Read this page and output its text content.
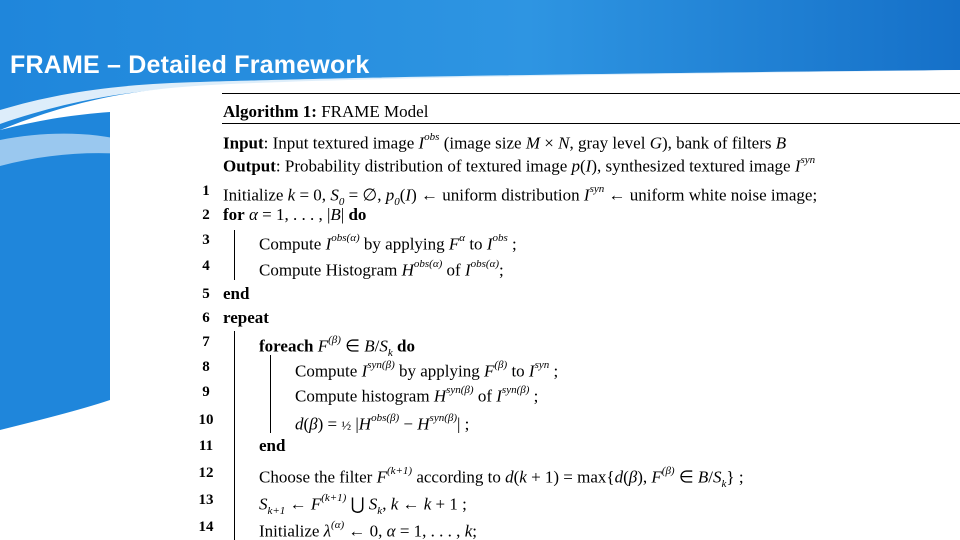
FRAME – Detailed Framework
Algorithm 1: FRAME Model
Input: Input textured image $I^{obs}$ (image size M × N, gray level G), bank of filters B
Output: Probability distribution of textured image p(I), synthesized textured image $I^{syn}$
1 Initialize k = 0, $S_0$ = ∅, $p_0(I)$ ← uniform distribution $I^{syn}$ ← uniform white noise image;
2 for α = 1, . . . , |B| do
3	Compute $I^{obs(\alpha)}$ by applying $F^\alpha$ to $I^{obs}$ ;
4	Compute Histogram $H^{obs(\alpha)}$ of $I^{obs(\alpha)}$;
5 end
6 repeat
7	foreach $F^{(\beta)}$ ∈ $B/S_k$ do
8	Compute $I^{syn(\beta)}$ by applying $F^{(\beta)}$ to $I^{syn}$ ;
9	Compute histogram $H^{syn(\beta)}$ of $I^{syn(\beta)}$ ;
10	d(β) = ½ $|H^{obs(\beta)} - H^{syn(\beta)}|$ ;
11	end
12	Choose the filter $F^{(k+1)}$ according to d(k + 1) = max{d(β), $F^{(\beta)}$ ∈ $B/S_k$} ;
13	$S_{k+1}$ ← $F^{(k+1)}$ ⋃ $S_k$, k ← k + 1 ;
14	Initialize $\lambda^{(\alpha)}$ ← 0, α = 1, . . . , k;
